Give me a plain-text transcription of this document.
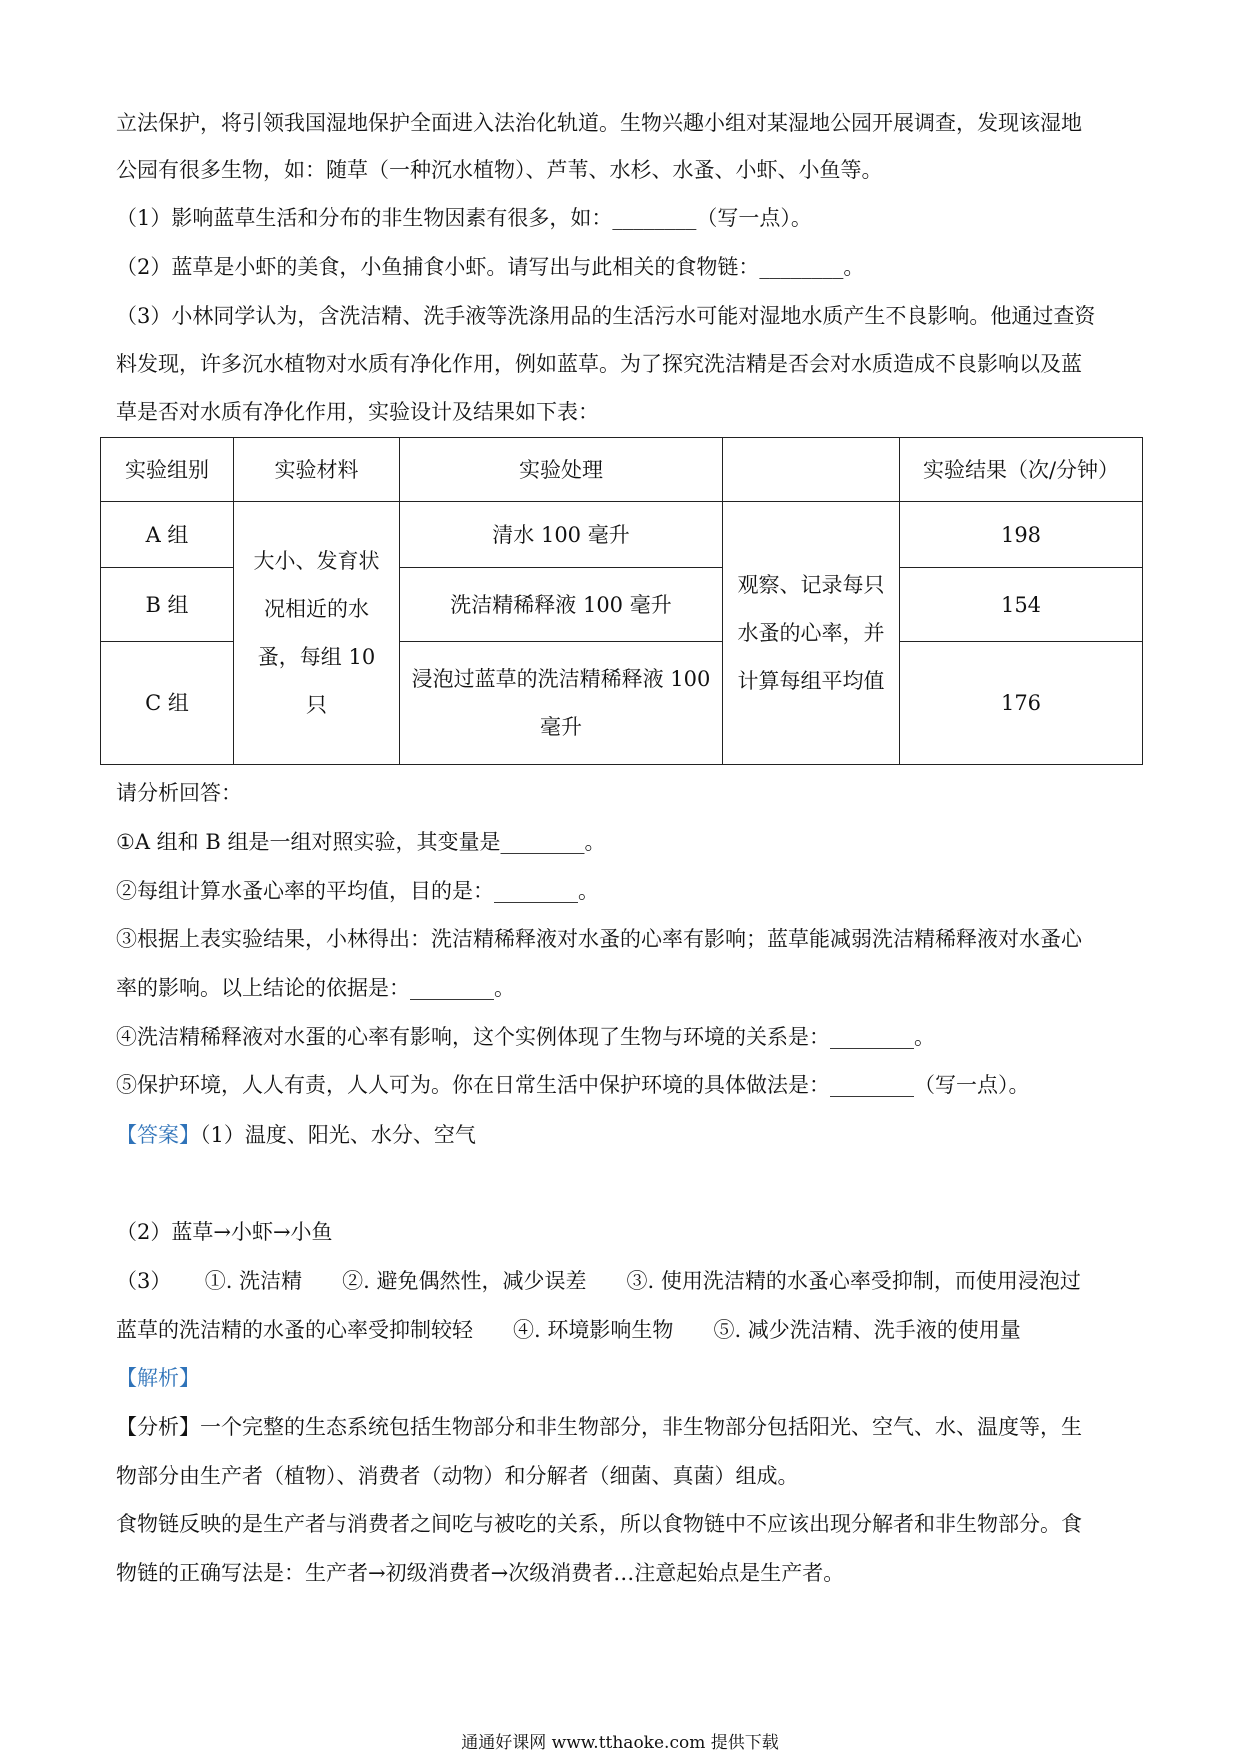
立法保护，将引领我国湿地保护全面进入法治化轨道。生物兴趣小组对某湿地公园开展调查，发现该湿地
公园有很多生物，如：随草（一种沉水植物）、芦苇、水杉、水蚤、小虾、小鱼等。
（1）影响蓝草生活和分布的非生物因素有很多，如：________（写一点）。
（2）蓝草是小虾的美食，小鱼捕食小虾。请写出与此相关的食物链：________。
（3）小林同学认为，含洗洁精、洗手液等洗涤用品的生活污水可能对湿地水质产生不良影响。他通过查资
料发现，许多沉水植物对水质有净化作用，例如蓝草。为了探究洗洁精是否会对水质造成不良影响以及蓝
草是否对水质有净化作用，实验设计及结果如下表：
实验组别	实验材料	实验处理		实验结果（次/分钟）
A 组	大小、发育状况相近的水蚤，每组 10 只	清水 100 毫升	观察、记录每只水蚤的心率，并计算每组平均值	198
B 组		洗洁精稀释液 100 毫升		154
C 组		浸泡过蓝草的洗洁精稀释液 100 毫升		176
请分析回答：
①A 组和 B 组是一组对照实验，其变量是________。
②每组计算水蚤心率的平均值，目的是：________。
③根据上表实验结果，小林得出：洗洁精稀释液对水蚤的心率有影响；蓝草能减弱洗洁精稀释液对水蚤心
率的影响。以上结论的依据是：________。
④洗洁精稀释液对水蛋的心率有影响，这个实例体现了生物与环境的关系是：________。
⑤保护环境，人人有责，人人可为。你在日常生活中保护环境的具体做法是：________（写一点）。
【答案】（1）温度、阳光、水分、空气
（2）蓝草→小虾→小鱼
（3）     ①. 洗洁精      ②. 避免偶然性，减少误差      ③. 使用洗洁精的水蚤心率受抑制，而使用浸泡过
蓝草的洗洁精的水蚤的心率受抑制较轻      ④. 环境影响生物      ⑤. 减少洗洁精、洗手液的使用量
【解析】
【分析】一个完整的生态系统包括生物部分和非生物部分，非生物部分包括阳光、空气、水、温度等，生
物部分由生产者（植物）、消费者（动物）和分解者（细菌、真菌）组成。
食物链反映的是生产者与消费者之间吃与被吃的关系，所以食物链中不应该出现分解者和非生物部分。食
物链的正确写法是：生产者→初级消费者→次级消费者…注意起始点是生产者。
通通好课网 www.tthaoke.com 提供下载
